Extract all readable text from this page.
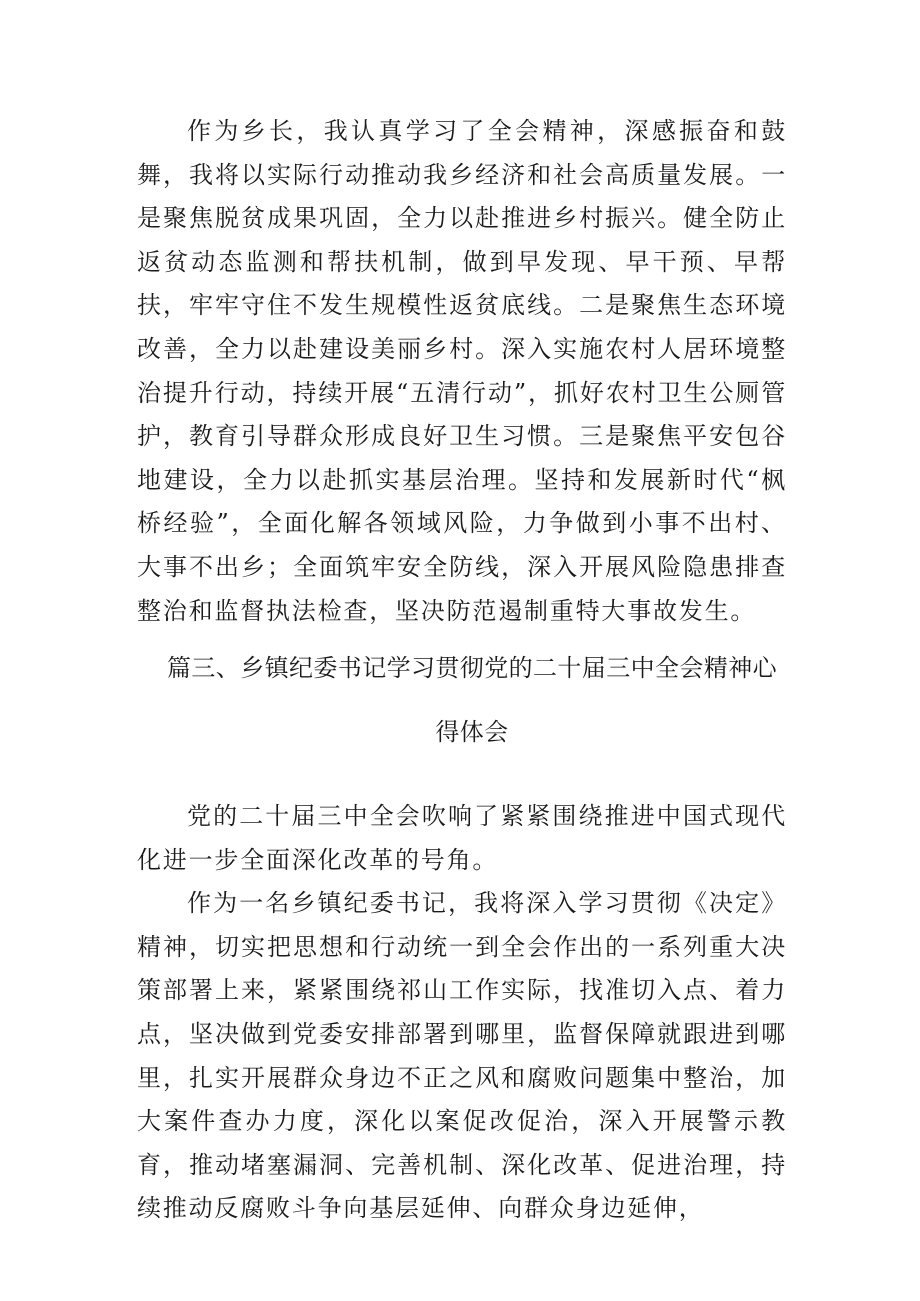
作为乡长，我认真学习了全会精神，深感振奋和鼓舞，我将以实际行动推动我乡经济和社会高质量发展。一是聚焦脱贫成果巩固，全力以赴推进乡村振兴。健全防止返贫动态监测和帮扶机制，做到早发现、早干预、早帮扶，牢牢守住不发生规模性返贫底线。二是聚焦生态环境改善，全力以赴建设美丽乡村。深入实施农村人居环境整治提升行动，持续开展“五清行动”，抓好农村卫生公厕管护，教育引导群众形成良好卫生习惯。三是聚焦平安包谷地建设，全力以赴抓实基层治理。坚持和发展新时代“枫桥经验”，全面化解各领域风险，力争做到小事不出村、大事不出乡；全面筑牢安全防线，深入开展风险隐患排查整治和监督执法检查，坚决防范遏制重特大事故发生。

篇三、乡镇纪委书记学习贯彻党的二十届三中全会精神心得体会

党的二十届三中全会吹响了紧紧围绕推进中国式现代化进一步全面深化改革的号角。

作为一名乡镇纪委书记，我将深入学习贯彻《决定》精神，切实把思想和行动统一到全会作出的一系列重大决策部署上来，紧紧围绕祁山工作实际，找准切入点、着力点，坚决做到党委安排部署到哪里，监督保障就跟进到哪里，扎实开展群众身边不正之风和腐败问题集中整治，加大案件查办力度，深化以案促改促治，深入开展警示教育，推动堵塞漏洞、完善机制、深化改革、促进治理，持续推动反腐败斗争向基层延伸、向群众身边延伸，
